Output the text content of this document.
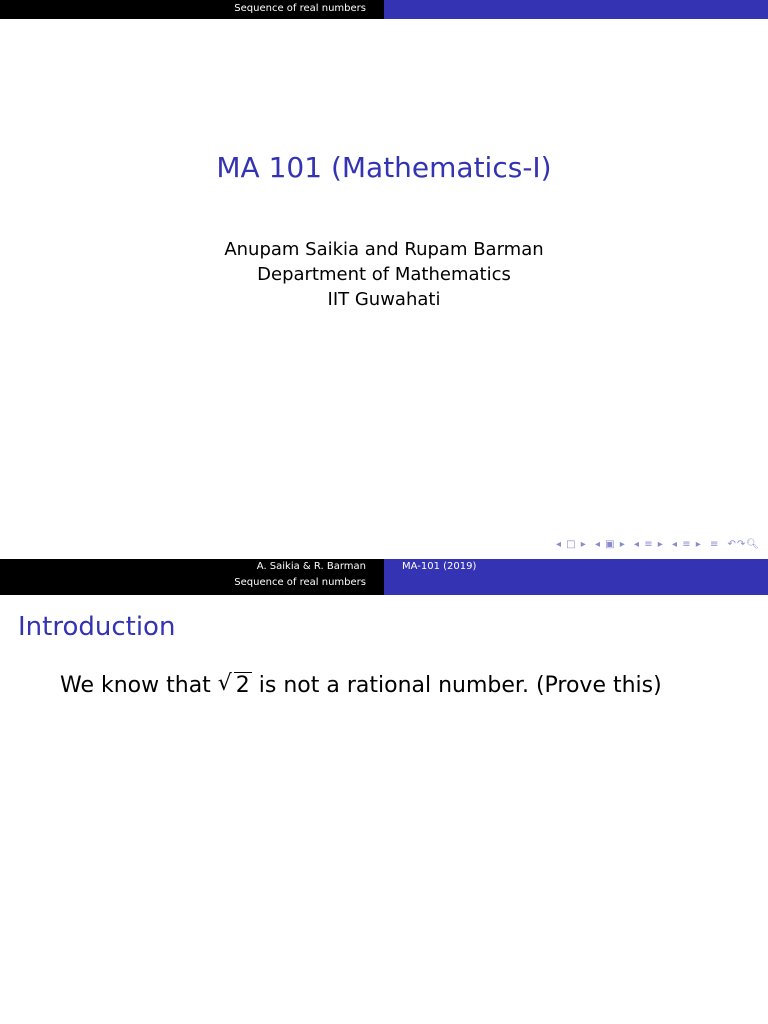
Sequence of real numbers
MA 101 (Mathematics-I)
Anupam Saikia and Rupam Barman
Department of Mathematics
IIT Guwahati
◂ □ ▸ ◂ ▣ ▸ ◂ ≡ ▸ ◂ ≡ ▸ ≡ ↶↷🔍︎
A. Saikia & R. Barman
Sequence of real numbers
MA-101 (2019)
Introduction
We know that √ 2 is not a rational number. (Prove this)
